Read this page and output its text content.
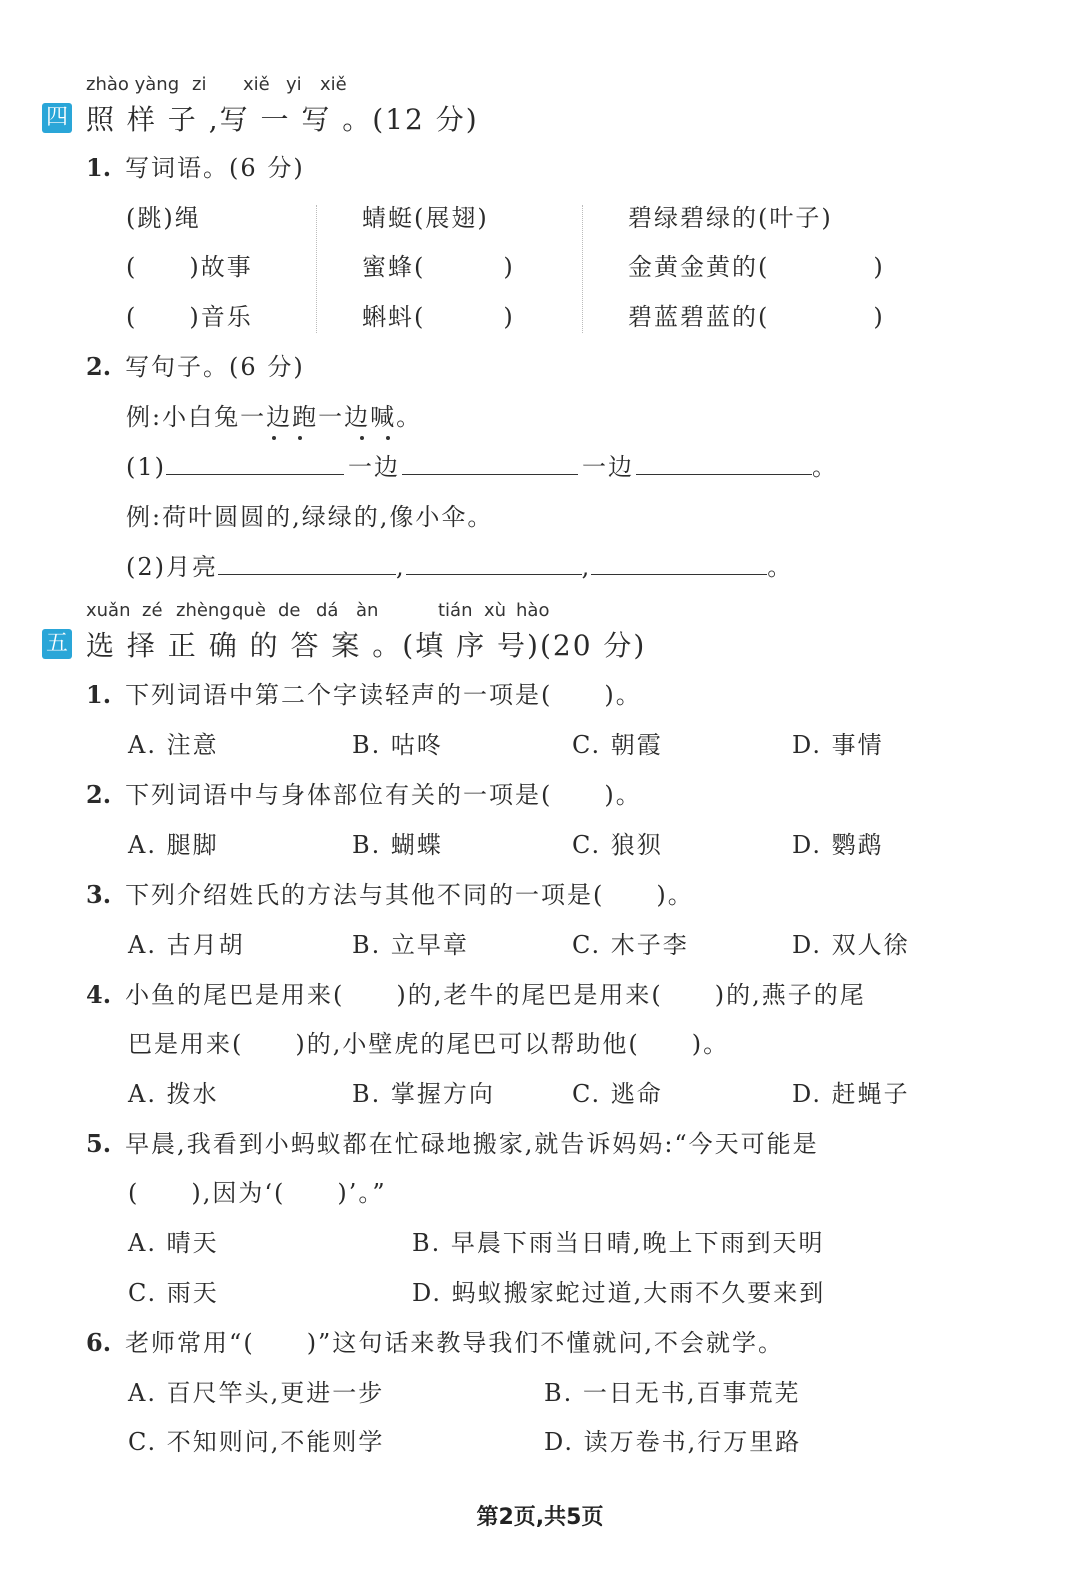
zhào yàng zi xiě yi xiě
四 照 样 子 ,写 一 写 。(12 分)
1. 写词语。(6 分)
(跳)绳	蜻蜓(展翅)	碧绿碧绿的(叶子)
(　　)故事	蜜蜂(　　　)	金黄金黄的(　　　　)
(　　)音乐	蝌蚪(　　　)	碧蓝碧蓝的(　　　　)
2. 写句子。(6 分)
例:小白兔一边跑一边喊。
(1)	一边	一边	。
例:荷叶圆圆的,绿绿的,像小伞。
(2)月亮	,	,	。
xuǎn zé zhèng què de dá àn	tián xù hào
五 选 择 正 确 的 答 案 。(填 序 号)(20 分)
1. 下列词语中第二个字读轻声的一项是(　　)。
A. 注意	B. 咕咚	C. 朝霞	D. 事情
2. 下列词语中与身体部位有关的一项是(　　)。
A. 腿脚	B. 蝴蝶	C. 狼狈	D. 鹦鹉
3. 下列介绍姓氏的方法与其他不同的一项是(　　)。
A. 古月胡	B. 立早章	C. 木子李	D. 双人徐
4. 小鱼的尾巴是用来(　　)的,老牛的尾巴是用来(　　)的,燕子的尾
巴是用来(　　)的,小壁虎的尾巴可以帮助他(　　)。
A. 拨水	B. 掌握方向	C. 逃命	D. 赶蝇子
5. 早晨,我看到小蚂蚁都在忙碌地搬家,就告诉妈妈:“今天可能是
(　　),因为‘(　　)’。”
A. 晴天	B. 早晨下雨当日晴,晚上下雨到天明
C. 雨天	D. 蚂蚁搬家蛇过道,大雨不久要来到
6. 老师常用“(　　)”这句话来教导我们不懂就问,不会就学。
A. 百尺竿头,更进一步	B. 一日无书,百事荒芜
C. 不知则问,不能则学	D. 读万卷书,行万里路
第2页,共5页
